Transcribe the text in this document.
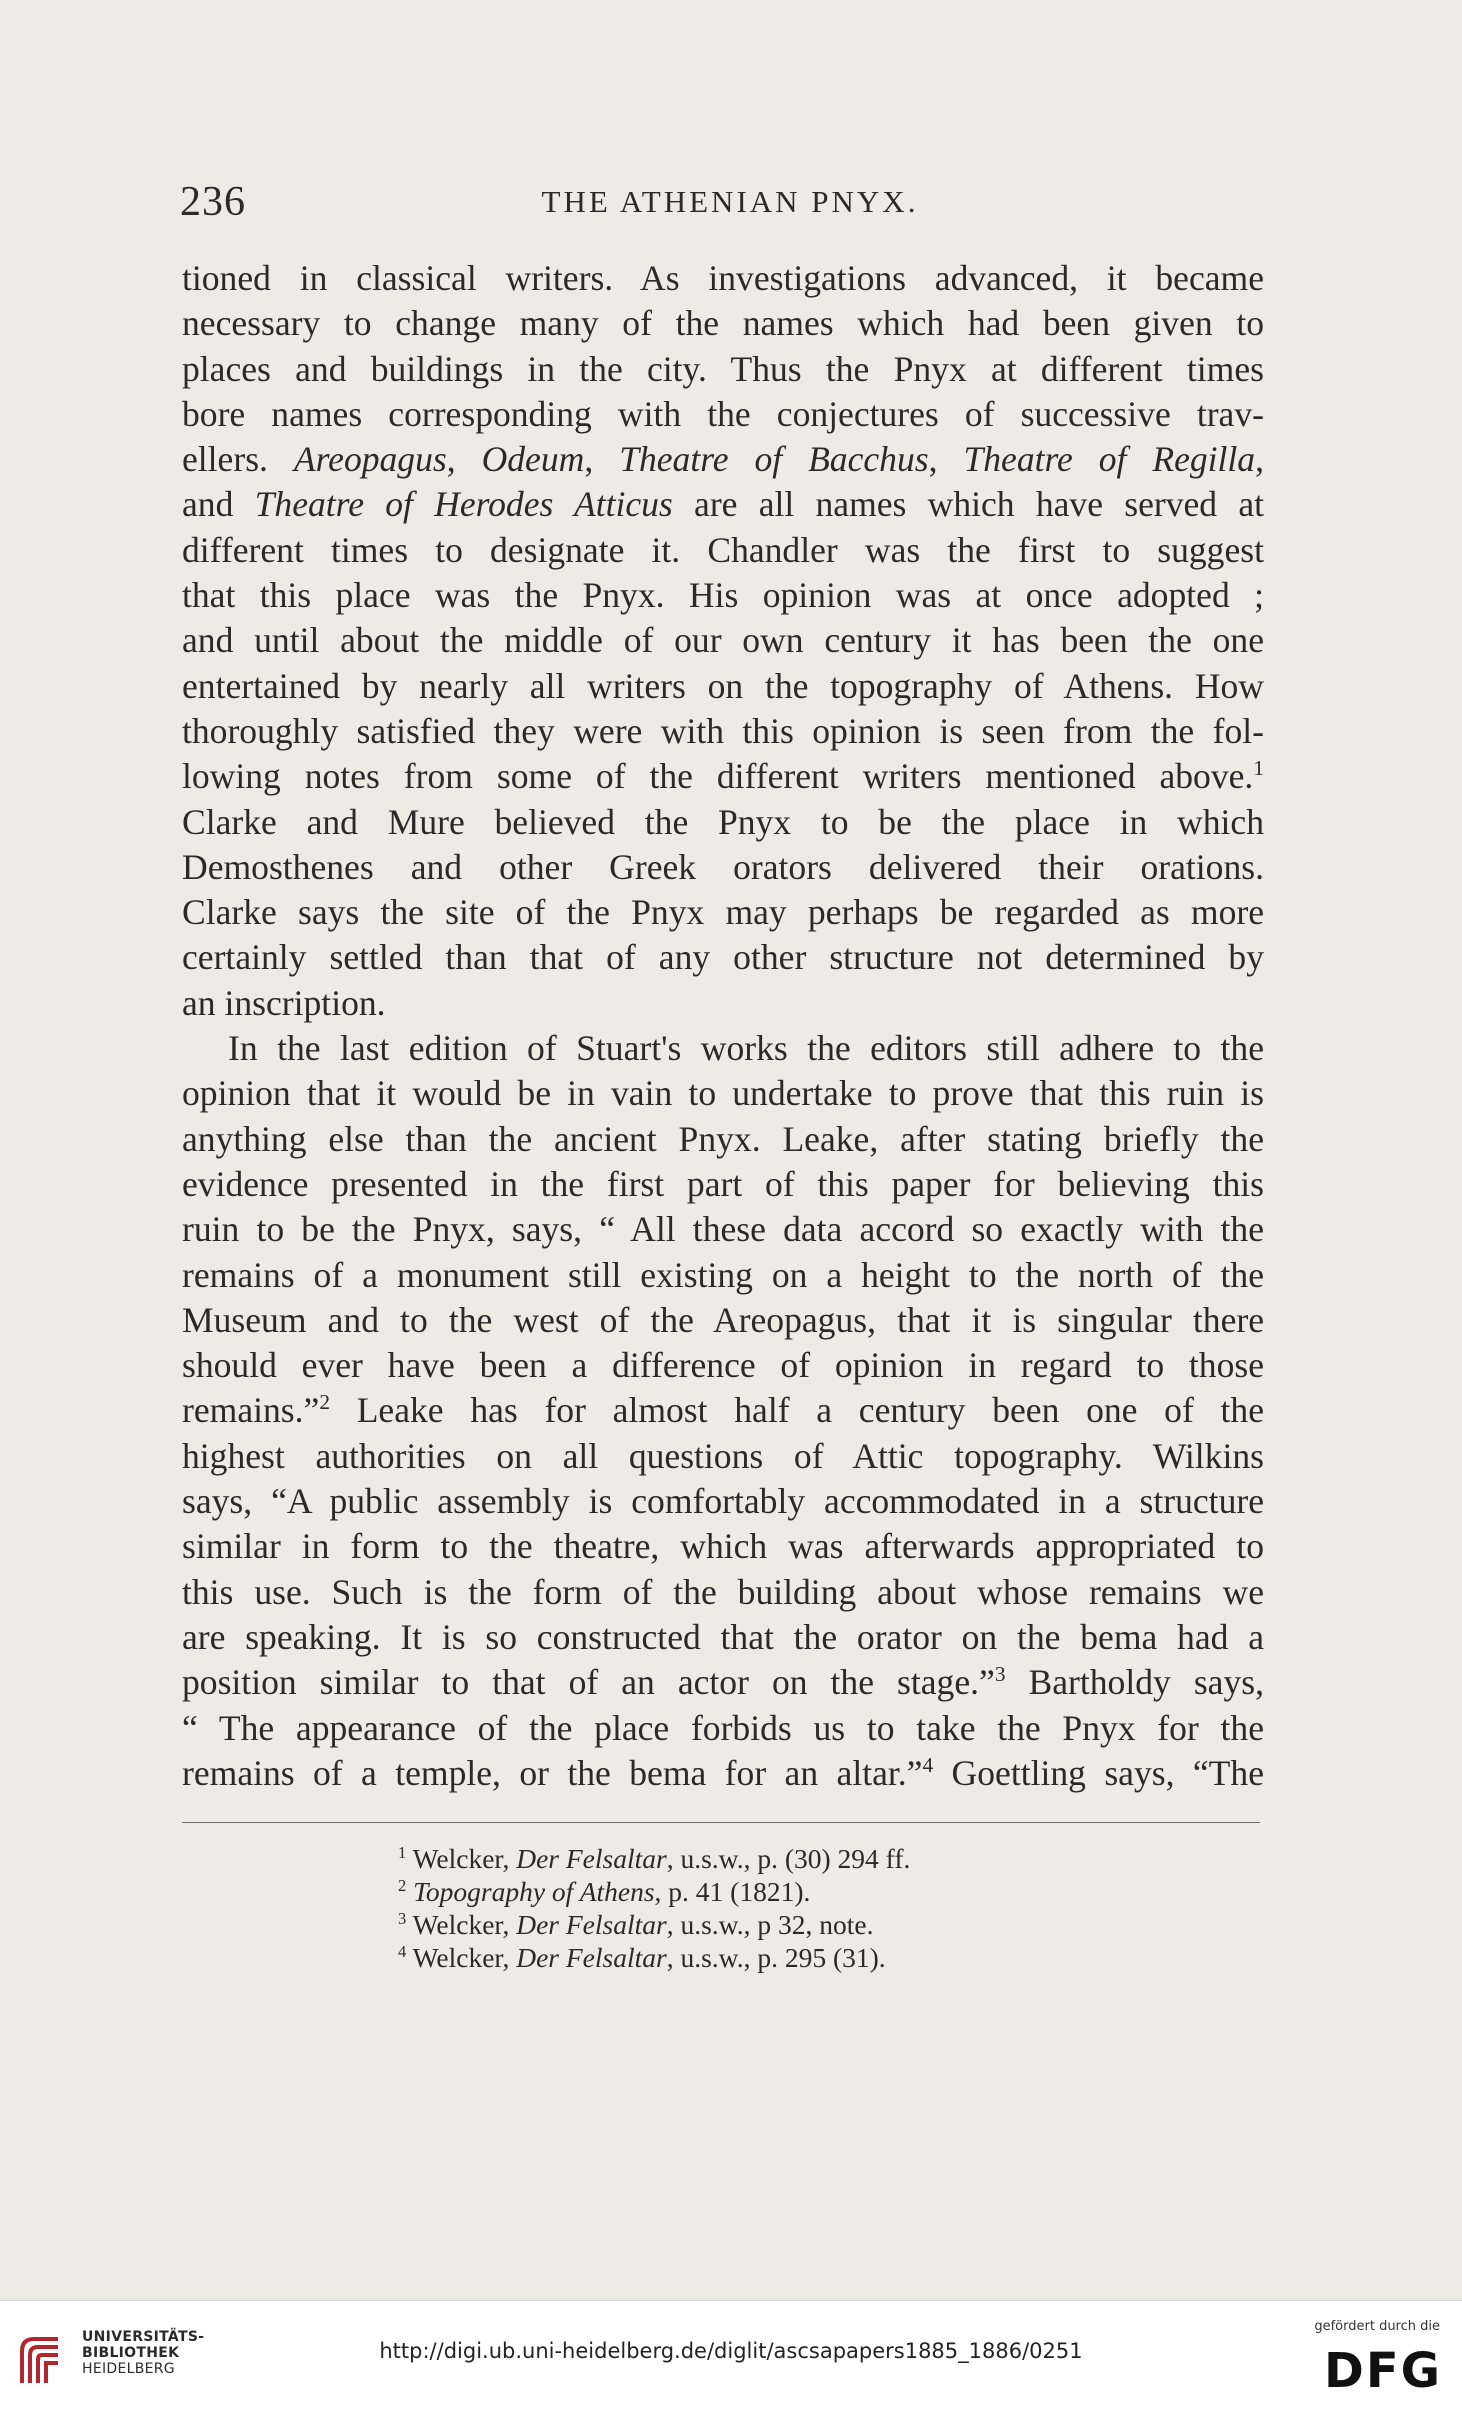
236	THE ATHENIAN PNYX.
tioned in classical writers. As investigations advanced, it became
necessary to change many of the names which had been given to
places and buildings in the city. Thus the Pnyx at different times
bore names corresponding with the conjectures of successive trav-
ellers. Areopagus, Odeum, Theatre of Bacchus, Theatre of Regilla,
and Theatre of Herodes Atticus are all names which have served at
different times to designate it. Chandler was the first to suggest
that this place was the Pnyx. His opinion was at once adopted ;
and until about the middle of our own century it has been the one
entertained by nearly all writers on the topography of Athens. How
thoroughly satisfied they were with this opinion is seen from the fol-
lowing notes from some of the different writers mentioned above.$^1$
Clarke and Mure believed the Pnyx to be the place in which
Demosthenes and other Greek orators delivered their orations.
Clarke says the site of the Pnyx may perhaps be regarded as more
certainly settled than that of any other structure not determined by
an inscription.
In the last edition of Stuart's works the editors still adhere to the
opinion that it would be in vain to undertake to prove that this ruin is
anything else than the ancient Pnyx. Leake, after stating briefly the
evidence presented in the first part of this paper for believing this
ruin to be the Pnyx, says, “ All these data accord so exactly with the
remains of a monument still existing on a height to the north of the
Museum and to the west of the Areopagus, that it is singular there
should ever have been a difference of opinion in regard to those
remains.”$^2$ Leake has for almost half a century been one of the
highest authorities on all questions of Attic topography. Wilkins
says, “A public assembly is comfortably accommodated in a structure
similar in form to the theatre, which was afterwards appropriated to
this use. Such is the form of the building about whose remains we
are speaking. It is so constructed that the orator on the bema had a
position similar to that of an actor on the stage.”$^3$ Bartholdy says,
“ The appearance of the place forbids us to take the Pnyx for the
remains of a temple, or the bema for an altar.”$^4$ Goettling says, “The
$^1$ Welcker, Der Felsaltar, u.s.w., p. (30) 294 ff.
$^2$ Topography of Athens, p. 41 (1821).
$^3$ Welcker, Der Felsaltar, u.s.w., p 32, note.
$^4$ Welcker, Der Felsaltar, u.s.w., p. 295 (31).
UNIVERSITÄTS-
BIBLIOTHEK
HEIDELBERG
http://digi.ub.uni-heidelberg.de/diglit/ascsapapers1885_1886/0251
gefördert durch die
DFG
